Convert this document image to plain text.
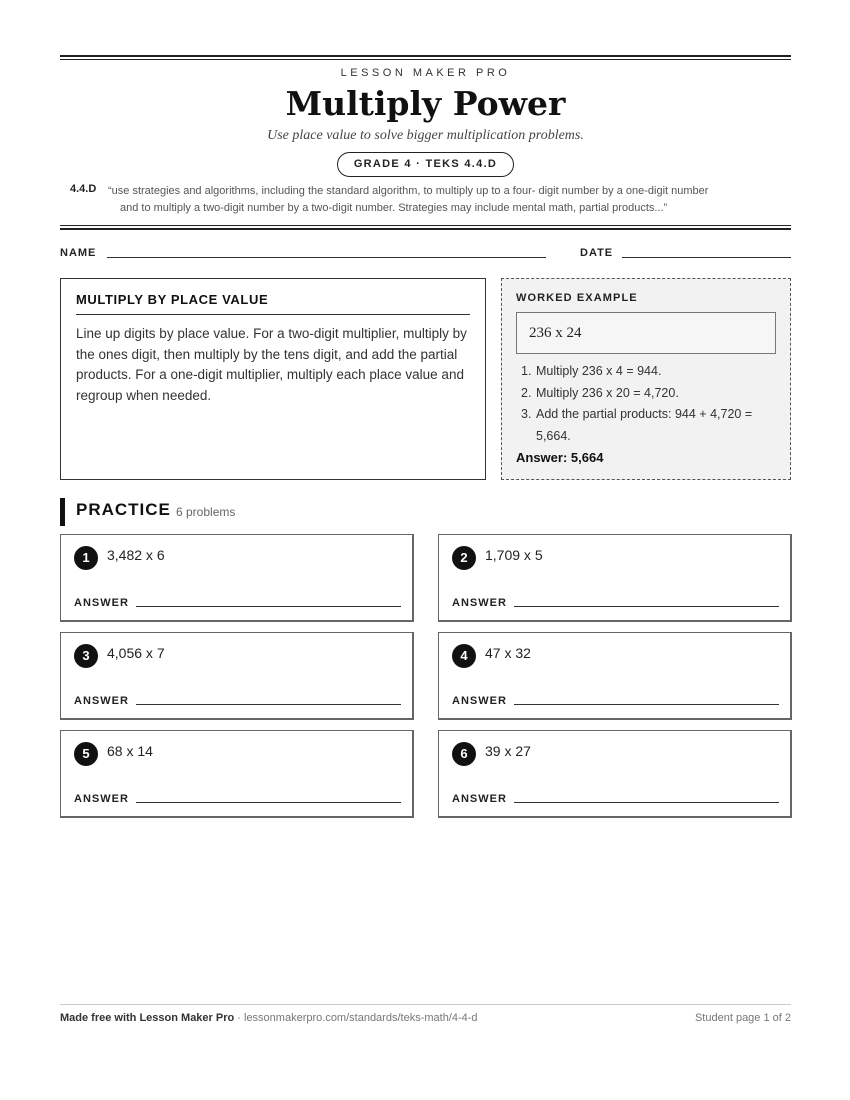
LESSON MAKER PRO
Multiply Power
Use place value to solve bigger multiplication problems.
GRADE 4 · TEKS 4.4.D
4.4.D “use strategies and algorithms, including the standard algorithm, to multiply up to a four- digit number by a one-digit number
and to multiply a two-digit number by a two-digit number. Strategies may include mental math, partial products...”
NAME	DATE
MULTIPLY BY PLACE VALUE
Line up digits by place value. For a two-digit multiplier, multiply by the ones digit, then multiply by the tens digit, and add the partial products. For a one-digit multiplier, multiply each place value and regroup when needed.
WORKED EXAMPLE
236 x 24
1. Multiply 236 x 4 = 944.
2. Multiply 236 x 20 = 4,720.
3. Add the partial products: 944 + 4,720 = 5,664.
Answer: 5,664
PRACTICE 6 problems
1	3,482 x 6
ANSWER
2	1,709 x 5
ANSWER
3	4,056 x 7
ANSWER
4	47 x 32
ANSWER
5	68 x 14
ANSWER
6	39 x 27
ANSWER
Made free with Lesson Maker Pro · lessonmakerpro.com/standards/teks-math/4-4-d	Student page 1 of 2
